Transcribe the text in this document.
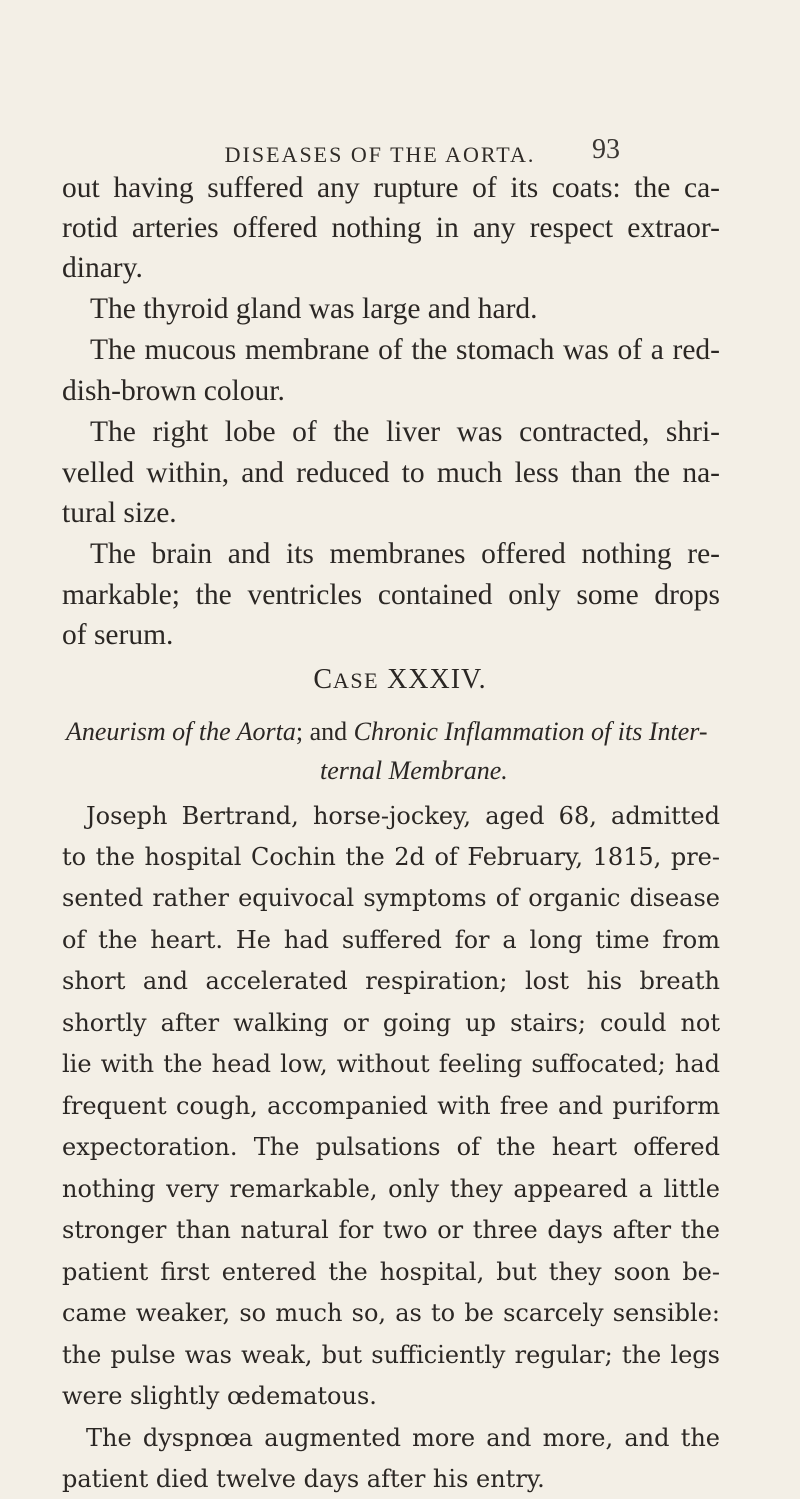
DISEASES OF THE AORTA.	93
out having suffered any rupture of its coats: the ca-
rotid arteries offered nothing in any respect extraor-
dinary.
The thyroid gland was large and hard.
The mucous membrane of the stomach was of a red-
dish-brown colour.
The right lobe of the liver was contracted, shri-
velled within, and reduced to much less than the na-
tural size.
The brain and its membranes offered nothing re-
markable; the ventricles contained only some drops
of serum.
CASE XXXIV.
Aneurism of the Aorta; and Chronic Inflammation of its Inter-
ternal Membrane.
Joseph Bertrand, horse-jockey, aged 68, admitted
to the hospital Cochin the 2d of February, 1815, pre-
sented rather equivocal symptoms of organic disease
of the heart. He had suffered for a long time from
short and accelerated respiration; lost his breath
shortly after walking or going up stairs; could not
lie with the head low, without feeling suffocated; had
frequent cough, accompanied with free and puriform
expectoration. The pulsations of the heart offered
nothing very remarkable, only they appeared a little
stronger than natural for two or three days after the
patient first entered the hospital, but they soon be-
came weaker, so much so, as to be scarcely sensible:
the pulse was weak, but sufficiently regular; the legs
were slightly œdematous.
The dyspnœa augmented more and more, and the
patient died twelve days after his entry.
